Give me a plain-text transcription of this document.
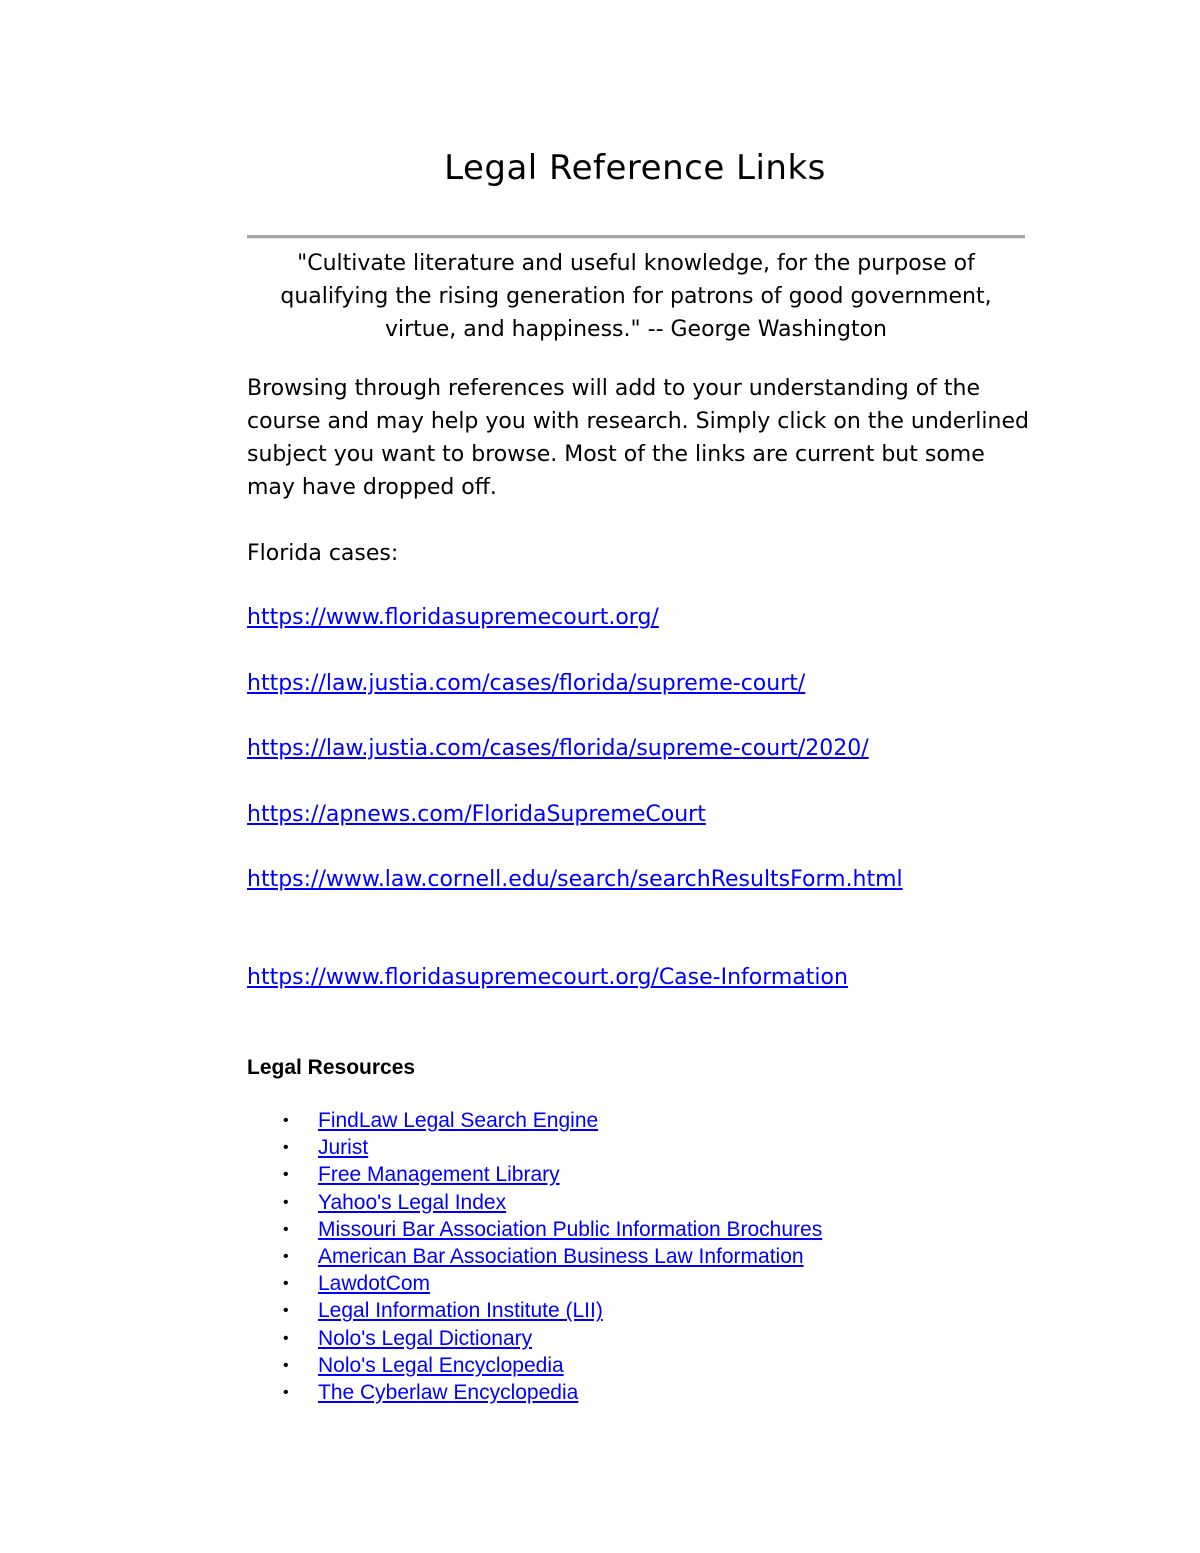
Legal Reference Links

"Cultivate literature and useful knowledge, for the purpose of qualifying the rising generation for patrons of good government, virtue, and happiness." -- George Washington

Browsing through references will add to your understanding of the course and may help you with research. Simply click on the underlined subject you want to browse. Most of the links are current but some may have dropped off.

Florida cases:

https://www.floridasupremecourt.org/
https://law.justia.com/cases/florida/supreme-court/
https://law.justia.com/cases/florida/supreme-court/2020/
https://apnews.com/FloridaSupremeCourt
https://www.law.cornell.edu/search/searchResultsForm.html
https://www.floridasupremecourt.org/Case-Information
Legal Resources
• FindLaw Legal Search Engine
• Jurist
• Free Management Library
• Yahoo's Legal Index
• Missouri Bar Association Public Information Brochures
• American Bar Association Business Law Information
• LawdotCom
• Legal Information Institute (LII)
• Nolo's Legal Dictionary
• Nolo's Legal Encyclopedia
• The Cyberlaw Encyclopedia
